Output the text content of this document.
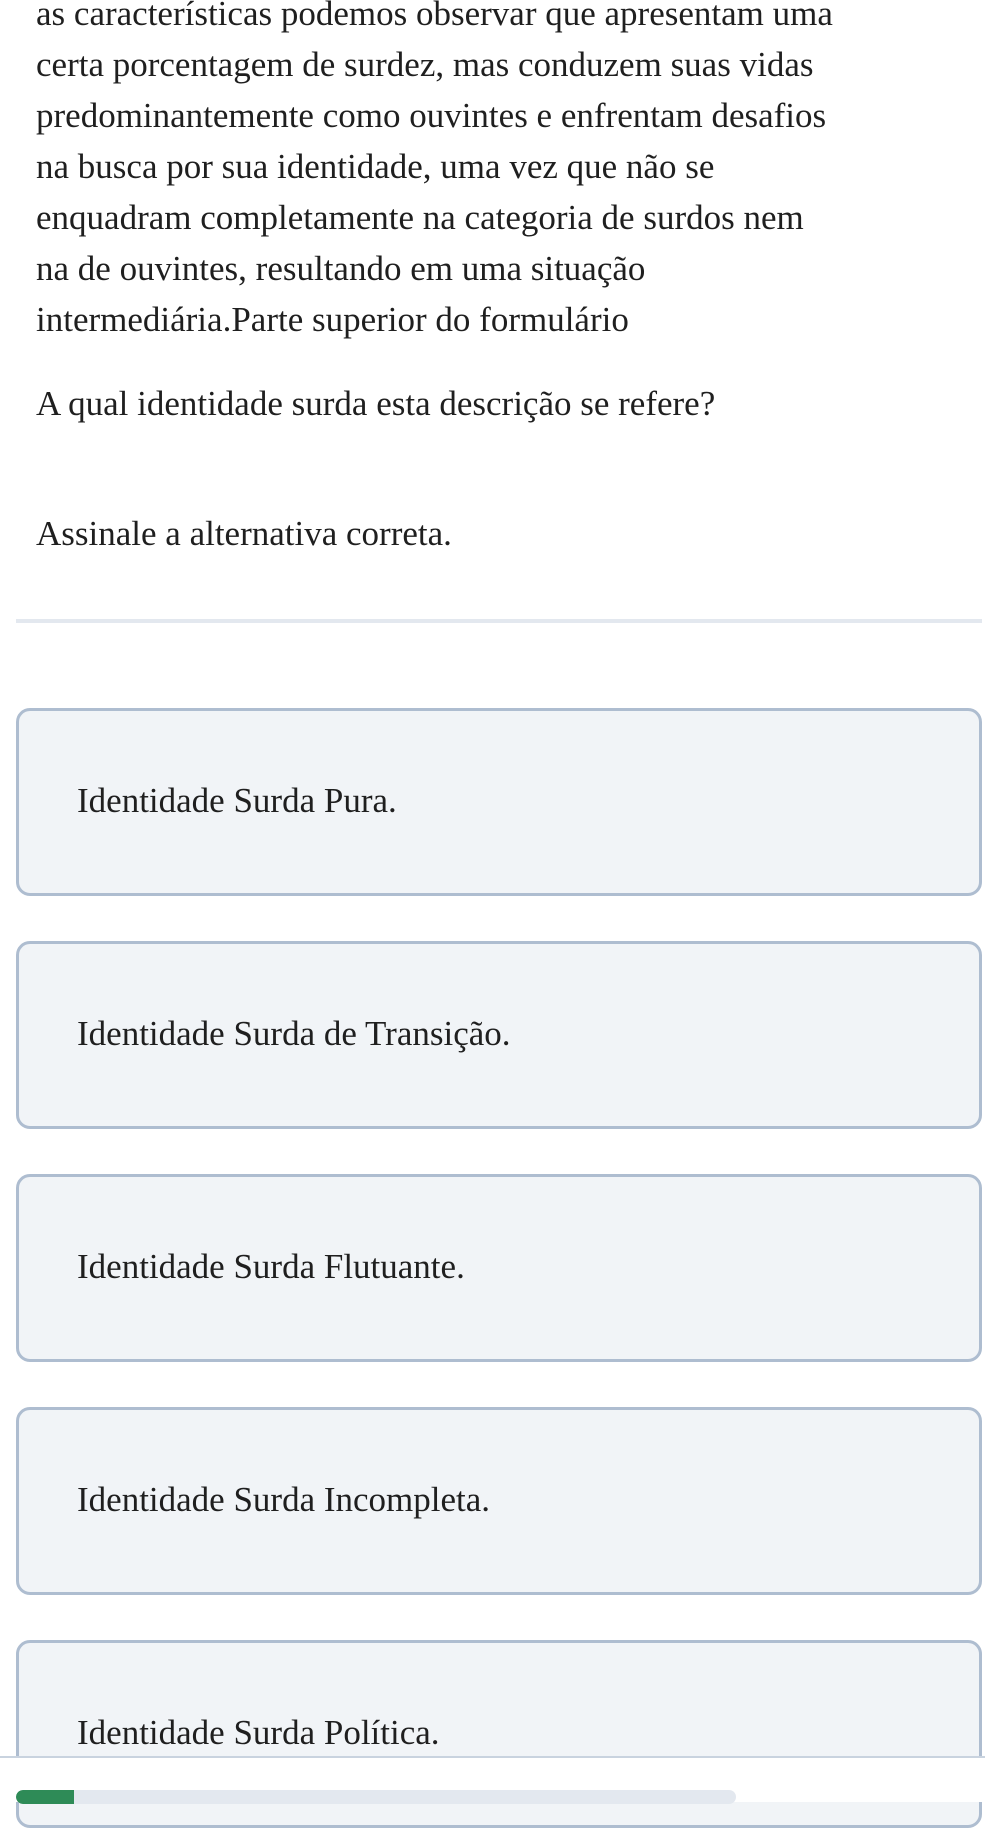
as características podemos observar que apresentam uma
certa porcentagem de surdez, mas conduzem suas vidas
predominantemente como ouvintes e enfrentam desafios
na busca por sua identidade, uma vez que não se
enquadram completamente na categoria de surdos nem
na de ouvintes, resultando em uma situação
intermediária.Parte superior do formulário

A qual identidade surda esta descrição se refere?

Assinale a alternativa correta.

Identidade Surda Pura.
Identidade Surda de Transição.
Identidade Surda Flutuante.
Identidade Surda Incompleta.
Identidade Surda Política.
